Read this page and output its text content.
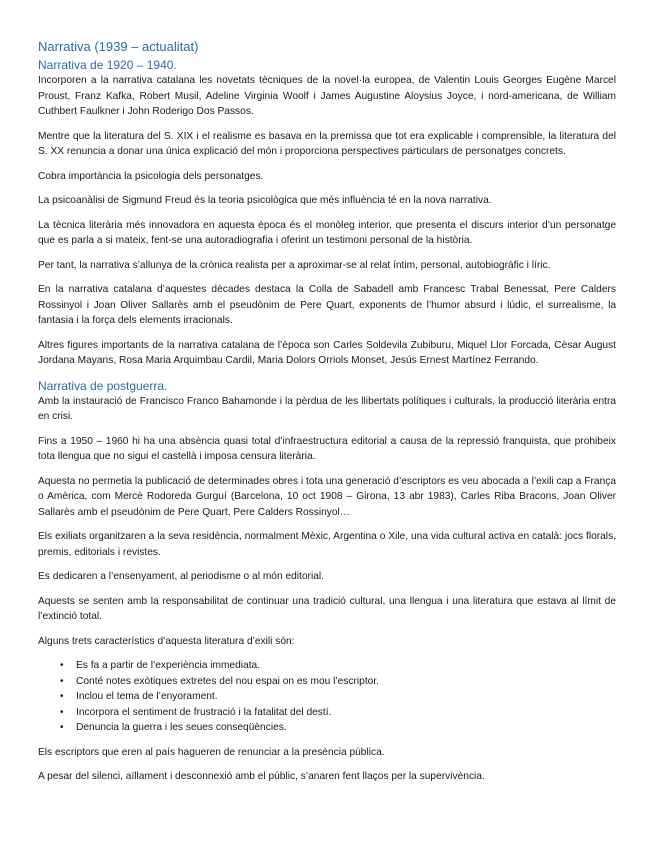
Narrativa (1939 – actualitat)
Narrativa de 1920 – 1940.

Incorporen a la narrativa catalana les novetats tècniques de la novel·la europea, de Valentin Louis Georges Eugène Marcel Proust, Franz Kafka, Robert Musil, Adeline Virginia Woolf i James Augustine Aloysius Joyce, i nord-americana, de William Cuthbert Faulkner i John Roderigo Dos Passos.

Mentre que la literatura del S. XIX i el realisme es basava en la premissa que tot era explicable i comprensible, la literatura del S. XX renuncia a donar una única explicació del món i proporciona perspectives particulars de personatges concrets.

Cobra importància la psicologia dels personatges.

La psicoanàlisi de Sigmund Freud és la teoria psicològica que més influència té en la nova narrativa.

La tècnica literària més innovadora en aquesta època és el monòleg interior, que presenta el discurs interior d’un personatge que es parla a si mateix, fent-se una autoradiografia i oferint un testimoni personal de la història.

Per tant, la narrativa s’allunya de la crònica realista per a aproximar-se al relat íntim, personal, autobiogràfic i líric.

En la narrativa catalana d’aquestes dècades destaca la Colla de Sabadell amb Francesc Trabal Benessat, Pere Calders Rossinyol i Joan Oliver Sallarès amb el pseudònim de Pere Quart, exponents de l’humor absurd i lúdic, el surrealisme, la fantasia i la força dels elements irracionals.

Altres figures importants de la narrativa catalana de l’època son Carles Soldevila Zubiburu, Miquel Llor Forcada, Cèsar August Jordana Mayans, Rosa Maria Arquimbau Cardil, Maria Dolors Orriols Monset, Jesús Ernest Martínez Ferrando.

Narrativa de postguerra.

Amb la instauració de Francisco Franco Bahamonde i la pèrdua de les llibertats polítiques i culturals, la producció literària entra en crisi.

Fins a 1950 – 1960 hi ha una absència quasi total d’infraestructura editorial a causa de la repressió franquista, que prohibeix tota llengua que no sigui el castellà i imposa censura literària.

Aquesta no permetia la publicació de determinades obres i tota una generació d’escriptors es veu abocada a l’exili cap a França o Amèrica, com Mercè Rodoreda Gurguí (Barcelona, 10 oct 1908 – Girona, 13 abr 1983), Carles Riba Bracons, Joan Oliver Sallarès amb el pseudònim de Pere Quart, Pere Calders Rossinyol…

Els exiliats organitzaren a la seva residència, normalment Mèxic, Argentina o Xile, una vida cultural activa en català: jocs florals, premis, editorials i revistes.

Es dedicaren a l’ensenyament, al periodisme o al món editorial.

Aquests se senten amb la responsabilitat de continuar una tradició cultural, una llengua i una literatura que estava al límit de l’extinció total.

Alguns trets característics d’aquesta literatura d’exili són:

• Es fa a partir de l’experiència immediata.
• Conté notes exòtiques extretes del nou espai on es mou l’escriptor.
• Inclou el tema de l’enyorament.
• Incorpora el sentiment de frustració i la fatalitat del destí.
• Denuncia la guerra i les seues conseqüències.

Els escriptors que eren al país hagueren de renunciar a la presència pública.

A pesar del silenci, aïllament i desconnexió amb el públic, s’anaren fent llaços per la supervivència.
